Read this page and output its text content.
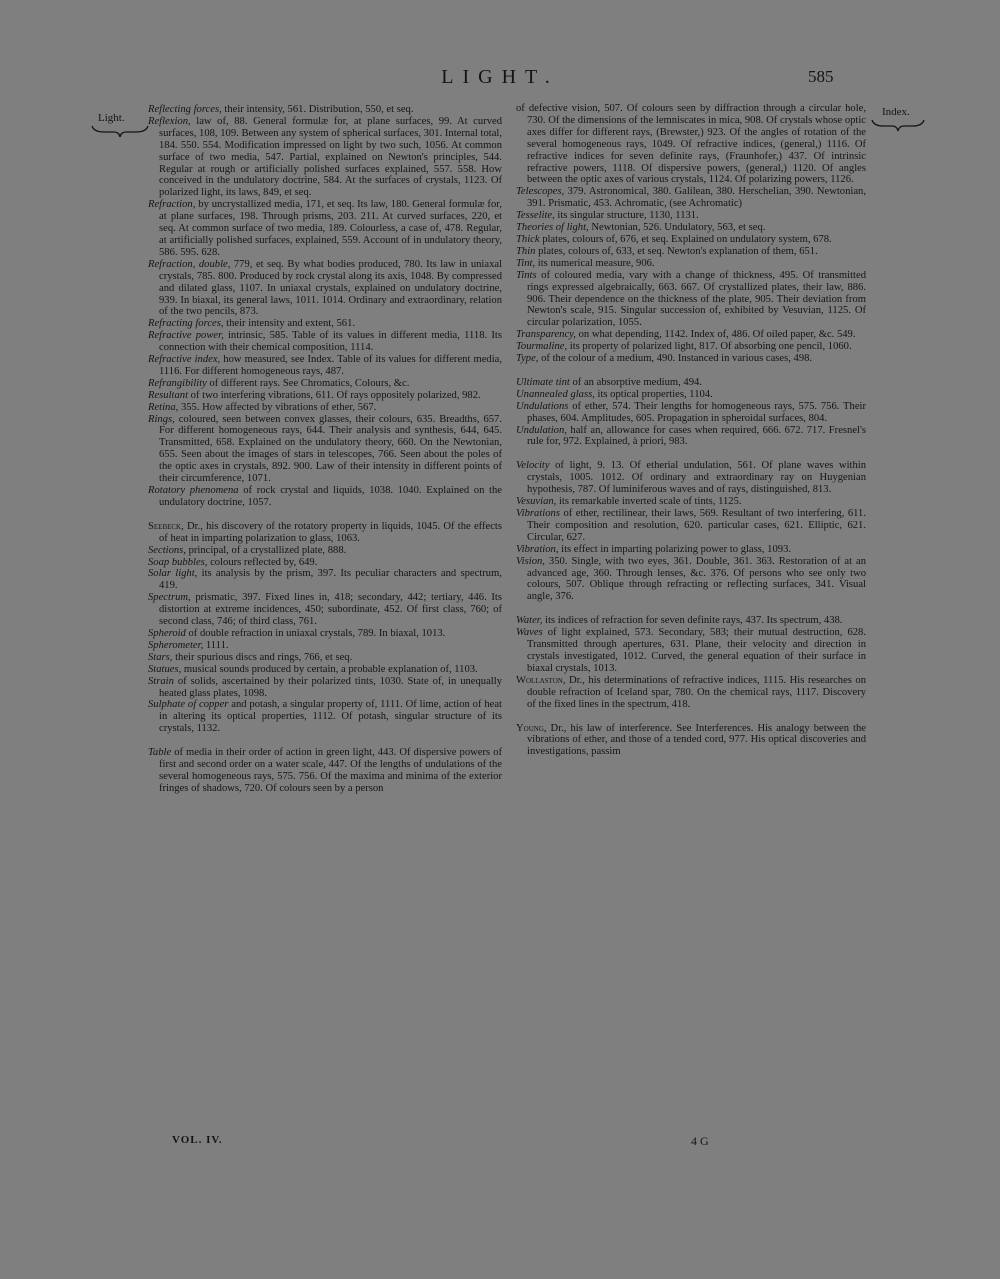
LIGHT.	585
Light.	Index.

Reflecting forces, their intensity, 561. Distribution, 550, et seq.

Reflexion, law of, 88. General formulæ for, at plane surfaces, 99. At curved surfaces, 108, 109. Between any system of spherical surfaces, 301. Internal total, 184. 550. 554. Modification impressed on light by two such, 1056. At common surface of two media, 547. Partial, explained on Newton's principles, 544. Regular at rough or artificially polished surfaces explained, 557. 558. How conceived in the undulatory doctrine, 584. At the surfaces of crystals, 1123. Of polarized light, its laws, 849, et seq.

Refraction, by uncrystallized media, 171, et seq. Its law, 180. General formulæ for, at plane surfaces, 198. Through prisms, 203. 211. At curved surfaces, 220, et seq. At common surface of two media, 189. Colourless, a case of, 478. Regular, at artificially polished surfaces, explained, 559. Account of in undulatory theory, 586. 595. 628.

Refraction, double, 779, et seq. By what bodies produced, 780. Its law in uniaxal crystals, 785. 800. Produced by rock crystal along its axis, 1048. By compressed and dilated glass, 1107. In uniaxal crystals, explained on undulatory doctrine, 939. In biaxal, its general laws, 1011. 1014. Ordinary and extraordinary, relation of the two pencils, 873.

Refracting forces, their intensity and extent, 561.

Refractive power, intrinsic, 585. Table of its values in different media, 1118. Its connection with their chemical composition, 1114.

Refractive index, how measured, see Index. Table of its values for different media, 1116. For different homogeneous rays, 487.

Refrangibility of different rays. See Chromatics, Colours, &c.

Resultant of two interfering vibrations, 611. Of rays oppositely polarized, 982.

Retina, 355. How affected by vibrations of ether, 567.

Rings, coloured, seen between convex glasses, their colours, 635. Breadths, 657. For different homogeneous rays, 644. Their analysis and synthesis, 644, 645. Transmitted, 658. Explained on the undulatory theory, 660. On the Newtonian, 655. Seen about the images of stars in telescopes, 766. Seen about the poles of the optic axes in crystals, 892. 900. Law of their intensity in different points of their circumference, 1071.

Rotatory phenomena of rock crystal and liquids, 1038. 1040. Explained on the undulatory doctrine, 1057.

Seebeck, Dr., his discovery of the rotatory property in liquids, 1045. Of the effects of heat in imparting polarization to glass, 1063.

Sections, principal, of a crystallized plate, 888.

Soap bubbles, colours reflected by, 649.

Solar light, its analysis by the prism, 397. Its peculiar characters and spectrum, 419.

Spectrum, prismatic, 397. Fixed lines in, 418; secondary, 442; tertiary, 446. Its distortion at extreme incidences, 450; subordinate, 452. Of first class, 760; of second class, 746; of third class, 761.

Spheroid of double refraction in uniaxal crystals, 789. In biaxal, 1013.

Spherometer, 1111.

Stars, their spurious discs and rings, 766, et seq.

Statues, musical sounds produced by certain, a probable explanation of, 1103.

Strain of solids, ascertained by their polarized tints, 1030. State of, in unequally heated glass plates, 1098.

Sulphate of copper and potash, a singular property of, 1111. Of lime, action of heat in altering its optical properties, 1112. Of potash, singular structure of its crystals, 1132.

Table of media in their order of action in green light, 443. Of dispersive powers of first and second order on a water scale, 447. Of the lengths of undulations of the several homogeneous rays, 575. 756. Of the maxima and minima of the exterior fringes of shadows, 720. Of colours seen by a person

of defective vision, 507. Of colours seen by diffraction through a circular hole, 730. Of the dimensions of the lemniscates in mica, 908. Of crystals whose optic axes differ for different rays, (Brewster,) 923. Of the angles of rotation of the several homogeneous rays, 1049. Of refractive indices, (general,) 1116. Of refractive indices for seven definite rays, (Fraunhofer,) 437. Of intrinsic refractive powers, 1118. Of dispersive powers, (general,) 1120. Of angles between the optic axes of various crystals, 1124. Of polarizing powers, 1126.

Telescopes, 379. Astronomical, 380. Galilean, 380. Herschelian, 390. Newtonian, 391. Prismatic, 453. Achromatic, (see Achromatic)

Tesselite, its singular structure, 1130, 1131.

Theories of light, Newtonian, 526. Undulatory, 563, et seq.

Thick plates, colours of, 676, et seq. Explained on undulatory system, 678.

Thin plates, colours of, 633, et seq. Newton's explanation of them, 651.

Tint, its numerical measure, 906.

Tints of coloured media, vary with a change of thickness, 495. Of transmitted rings expressed algebraically, 663. 667. Of crystallized plates, their law, 886. 906. Their dependence on the thickness of the plate, 905. Their deviation from Newton's scale, 915. Singular succession of, exhibited by Vesuvian, 1125. Of circular polarization, 1055.

Transparency, on what depending, 1142. Index of, 486. Of oiled paper, &c. 549.

Tourmaline, its property of polarized light, 817. Of absorbing one pencil, 1060.

Type, of the colour of a medium, 490. Instanced in various cases, 498.

Ultimate tint of an absorptive medium, 494.

Unannealed glass, its optical properties, 1104.

Undulations of ether, 574. Their lengths for homogeneous rays, 575. 756. Their phases, 604. Amplitudes, 605. Propagation in spheroidal surfaces, 804.

Undulation, half an, allowance for cases when required, 666. 672. 717. Fresnel's rule for, 972. Explained, à priori, 983.

Velocity of light, 9. 13. Of etherial undulation, 561. Of plane waves within crystals, 1005. 1012. Of ordinary and extraordinary ray on Huygenian hypothesis, 787. Of luminiferous waves and of rays, distinguished, 813.

Vesuvian, its remarkable inverted scale of tints, 1125.

Vibrations of ether, rectilinear, their laws, 569. Resultant of two interfering, 611. Their composition and resolution, 620. particular cases, 621. Elliptic, 621. Circular, 627.

Vibration, its effect in imparting polarizing power to glass, 1093.

Vision, 350. Single, with two eyes, 361. Double, 361. 363. Restoration of at an advanced age, 360. Through lenses, &c. 376. Of persons who see only two colours, 507. Oblique through refracting or reflecting surfaces, 341. Visual angle, 376.

Water, its indices of refraction for seven definite rays, 437. Its spectrum, 438.

Waves of light explained, 573. Secondary, 583; their mutual destruction, 628. Transmitted through apertures, 631. Plane, their velocity and direction in crystals investigated, 1012. Curved, the general equation of their surface in biaxal crystals, 1013.

Wollaston, Dr., his determinations of refractive indices, 1115. His researches on double refraction of Iceland spar, 780. On the chemical rays, 1117. Discovery of the fixed lines in the spectrum, 418.

Young, Dr., his law of interference. See Interferences. His analogy between the vibrations of ether, and those of a tended cord, 977. His optical discoveries and investigations, passim

VOL. IV.	4 G
